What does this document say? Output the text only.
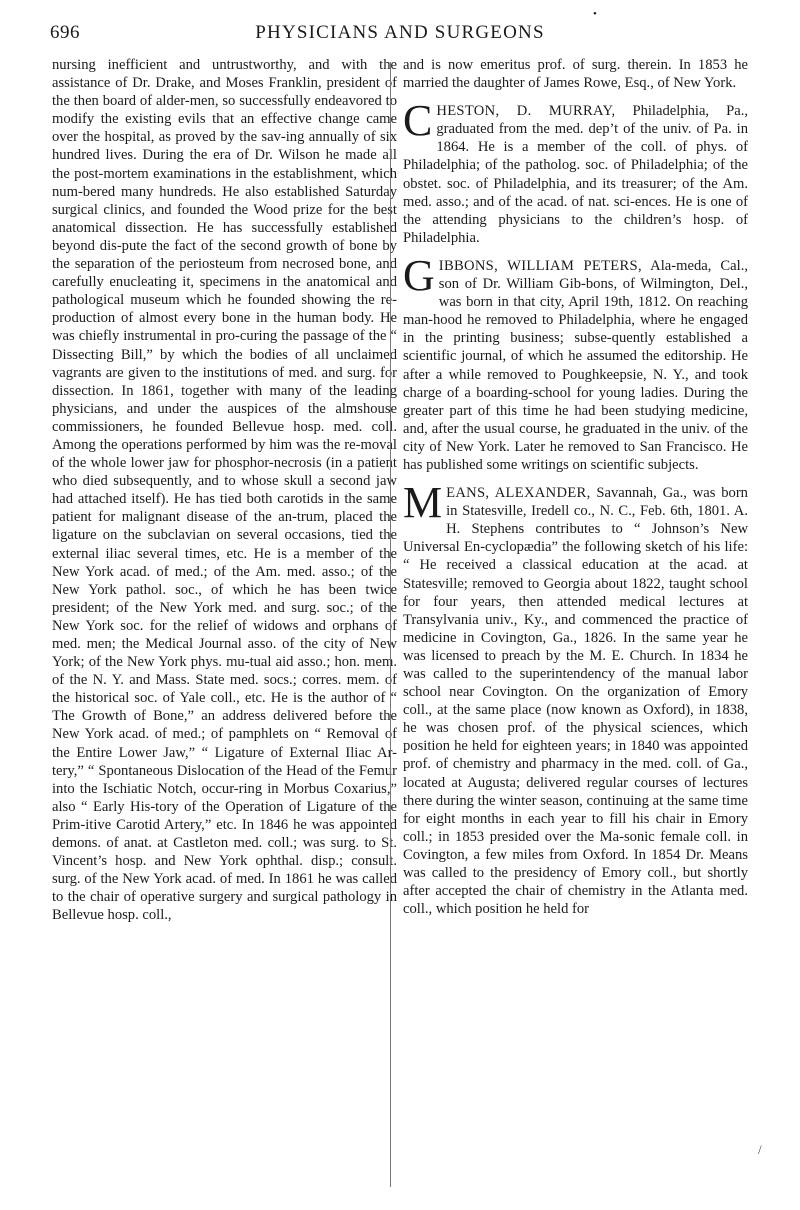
696	PHYSICIANS AND SURGEONS
•

nursing inefficient and untrustworthy, and with the assistance of Dr. Drake, and Moses Franklin, president of the then board of alder-men, so successfully endeavored to modify the existing evils that an effective change came over the hospital, as proved by the sav-ing annually of six hundred lives. During the era of Dr. Wilson he made all the post-mortem examinations in the establishment, which num-bered many hundreds. He also established Saturday surgical clinics, and founded the Wood prize for the best anatomical dissection. He has successfully established beyond dis-pute the fact of the second growth of bone by the separation of the periosteum from necrosed bone, and carefully enucleating it, specimens in the anatomical and pathological museum which he founded showing the re-production of almost every bone in the human body. He was chiefly instrumental in pro-curing the passage of the “ Dissecting Bill,” by which the bodies of all unclaimed vagrants are given to the institutions of med. and surg. for dissection. In 1861, together with many of the leading physicians, and under the auspices of the almshouse commissioners, he founded Bellevue hosp. med. coll. Among the operations performed by him was the re-moval of the whole lower jaw for phosphor-necrosis (in a patient who died subsequently, and to whose skull a second jaw had attached itself). He has tied both carotids in the same patient for malignant disease of the an-trum, placed the ligature on the subclavian on several occasions, tied the external iliac several times, etc. He is a member of the New York acad. of med.; of the Am. med. asso.; of the New York pathol. soc., of which he has been twice president; of the New York med. and surg. soc.; of the New York soc. for the relief of widows and orphans of med. men; the Medical Journal asso. of the city of New York; of the New York phys. mu-tual aid asso.; hon. mem. of the N. Y. and Mass. State med. socs.; corres. mem. of the historical soc. of Yale coll., etc. He is the author of “ The Growth of Bone,” an address delivered before the New York acad. of med.; of pamphlets on “ Removal of the Entire Lower Jaw,” “ Ligature of External Iliac Ar-tery,” “ Spontaneous Dislocation of the Head of the Femur into the Ischiatic Notch, occur-ring in Morbus Coxarius,” also “ Early His-tory of the Operation of Ligature of the Prim-itive Carotid Artery,” etc. In 1846 he was appointed demons. of anat. at Castleton med. coll.; was surg. to St. Vincent’s hosp. and New York ophthal. disp.; consult. surg. of the New York acad. of med. In 1861 he was called to the chair of operative surgery and surgical pathology in Bellevue hosp. coll.,

and is now emeritus prof. of surg. therein. In 1853 he married the daughter of James Rowe, Esq., of New York.

CHESTON, D. MURRAY, Philadelphia, Pa., graduated from the med. dep’t of the univ. of Pa. in 1864. He is a member of the coll. of phys. of Philadelphia; of the patholog. soc. of Philadelphia; of the obstet. soc. of Philadelphia, and its treasurer; of the Am. med. asso.; and of the acad. of nat. sci-ences. He is one of the attending physicians to the children’s hosp. of Philadelphia.

GIBBONS, WILLIAM PETERS, Ala-meda, Cal., son of Dr. William Gib-bons, of Wilmington, Del., was born in that city, April 19th, 1812. On reaching man-hood he removed to Philadelphia, where he engaged in the printing business; subse-quently established a scientific journal, of which he assumed the editorship. He after a while removed to Poughkeepsie, N. Y., and took charge of a boarding-school for young ladies. During the greater part of this time he had been studying medicine, and, after the usual course, he graduated in the univ. of the city of New York. Later he removed to San Francisco. He has published some writings on scientific subjects.

MEANS, ALEXANDER, Savannah, Ga., was born in Statesville, Iredell co., N. C., Feb. 6th, 1801. A. H. Stephens contributes to “ Johnson’s New Universal En-cyclopædia” the following sketch of his life: “ He received a classical education at the acad. at Statesville; removed to Georgia about 1822, taught school for four years, then attended medical lectures at Transylvania univ., Ky., and commenced the practice of medicine in Covington, Ga., 1826. In the same year he was licensed to preach by the M. E. Church. In 1834 he was called to the superintendency of the manual labor school near Covington. On the organization of Emory coll., at the same place (now known as Oxford), in 1838, he was chosen prof. of the physical sciences, which position he held for eighteen years; in 1840 was appointed prof. of chemistry and pharmacy in the med. coll. of Ga., located at Augusta; delivered regular courses of lectures there during the winter season, continuing at the same time for eight months in each year to fill his chair in Emory coll.; in 1853 presided over the Ma-sonic female coll. in Covington, a few miles from Oxford. In 1854 Dr. Means was called to the presidency of Emory coll., but shortly after accepted the chair of chemistry in the Atlanta med. coll., which position he held for

/
